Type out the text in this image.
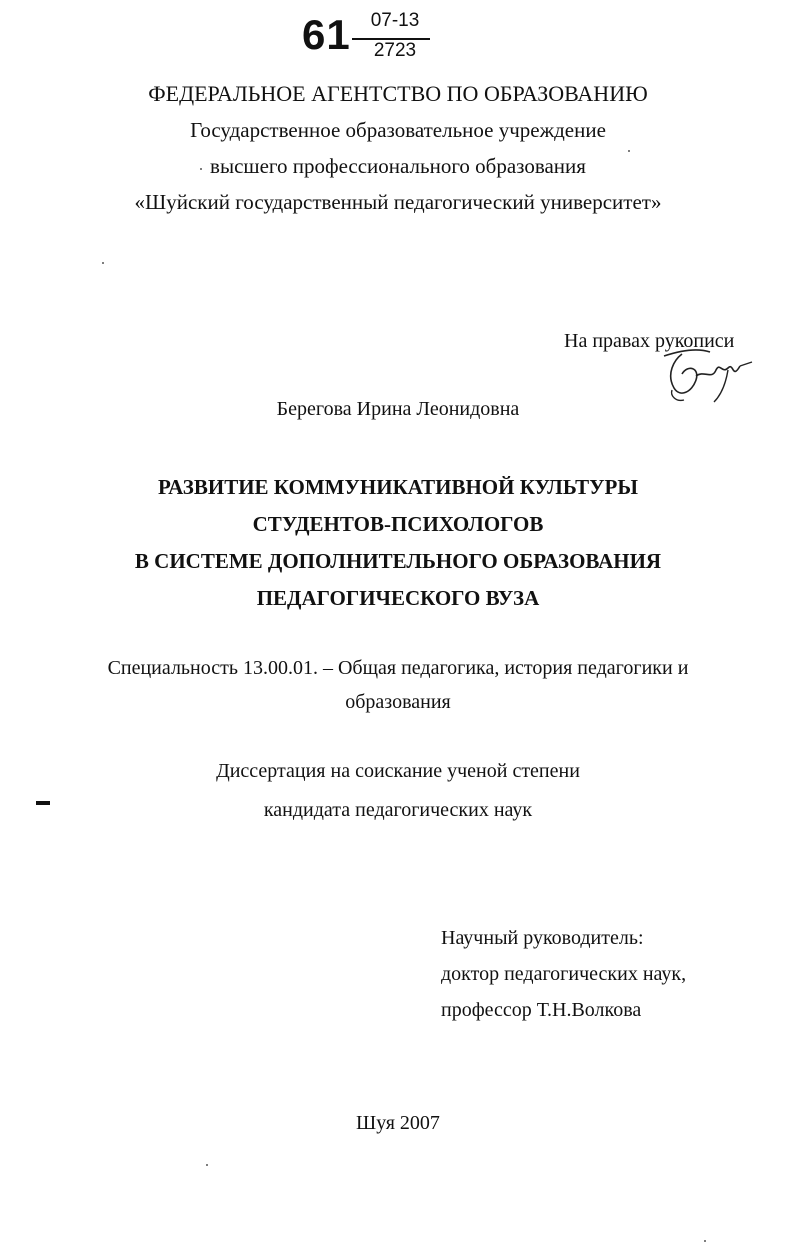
61	07-13
2723
ФЕДЕРАЛЬНОЕ АГЕНТСТВО ПО ОБРАЗОВАНИЮ
Государственное образовательное учреждение
высшего профессионального образования
«Шуйский государственный педагогический университет»
На правах рукописи
Берегова Ирина Леонидовна
РАЗВИТИЕ КОММУНИКАТИВНОЙ КУЛЬТУРЫ
СТУДЕНТОВ-ПСИХОЛОГОВ
В СИСТЕМЕ ДОПОЛНИТЕЛЬНОГО ОБРАЗОВАНИЯ
ПЕДАГОГИЧЕСКОГО ВУЗА
Специальность 13.00.01. – Общая педагогика, история педагогики и
образования
Диссертация на соискание ученой степени
кандидата педагогических наук
Научный руководитель:
доктор педагогических наук,
профессор Т.Н.Волкова
Шуя 2007
